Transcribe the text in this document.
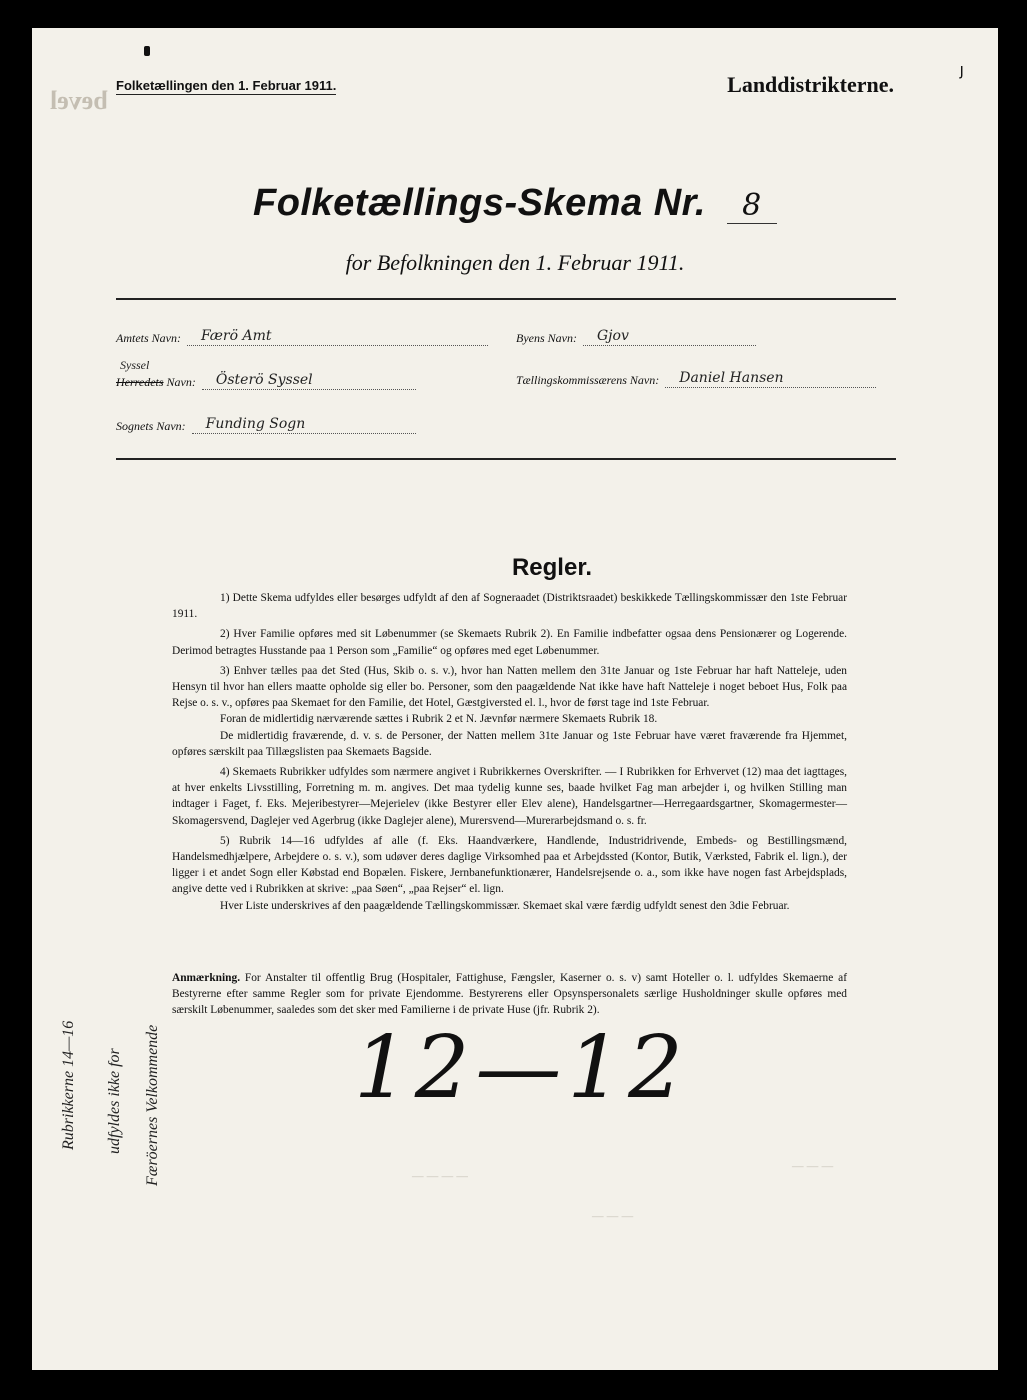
ȷ
bevel
Folketællingen den 1. Februar 1911.	Landdistrikterne.
Folketællings-Skema Nr. 8
for Befolkningen den 1. Februar 1911.
Amtets Navn:	Færö Amt	Byens Navn:	Gjov
Syssel
Herredets Navn:	Österö Syssel	Tællingskommissærens Navn:	Daniel Hansen
Sognets Navn:	Funding Sogn
Regler.

1) Dette Skema udfyldes eller besørges udfyldt af den af Sogneraadet (Distriktsraadet) beskikkede Tællingskommissær den 1ste Februar 1911.

2) Hver Familie opføres med sit Løbenummer (se Skemaets Rubrik 2). En Familie indbefatter ogsaa dens Pensionærer og Logerende. Derimod betragtes Husstande paa 1 Person som „Familie“ og opføres med eget Løbenummer.

3) Enhver tælles paa det Sted (Hus, Skib o. s. v.), hvor han Natten mellem den 31te Januar og 1ste Februar har haft Natteleje, uden Hensyn til hvor han ellers maatte opholde sig eller bo. Personer, som den paagældende Nat ikke have haft Natteleje i noget beboet Hus, Folk paa Rejse o. s. v., opføres paa Skemaet for den Familie, det Hotel, Gæstgiversted el. l., hvor de først tage ind 1ste Februar.

Foran de midlertidig nærværende sættes i Rubrik 2 et N. Jævnfør nærmere Skemaets Rubrik 18.

De midlertidig fraværende, d. v. s. de Personer, der Natten mellem 31te Januar og 1ste Februar have været fraværende fra Hjemmet, opføres særskilt paa Tillægslisten paa Skemaets Bagside.

4) Skemaets Rubrikker udfyldes som nærmere angivet i Rubrikkernes Overskrifter. — I Rubrikken for Erhvervet (12) maa det iagttages, at hver enkelts Livsstilling, Forretning m. m. angives. Det maa tydelig kunne ses, baade hvilket Fag man arbejder i, og hvilken Stilling man indtager i Faget, f. Eks. Mejeribestyrer—Mejerielev (ikke Bestyrer eller Elev alene), Handelsgartner—Herregaardsgartner, Skomagermester—Skomagersvend, Daglejer ved Agerbrug (ikke Daglejer alene), Murersvend—Murerarbejdsmand o. s. fr.

5) Rubrik 14—16 udfyldes af alle (f. Eks. Haandværkere, Handlende, Industridrivende, Embeds- og Bestillingsmænd, Handelsmedhjælpere, Arbejdere o. s. v.), som udøver deres daglige Virksomhed paa et Arbejdssted (Kontor, Butik, Værksted, Fabrik el. lign.), der ligger i et andet Sogn eller Købstad end Bopælen. Fiskere, Jernbanefunktionærer, Handelsrejsende o. a., som ikke have nogen fast Arbejdsplads, angive dette ved i Rubrikken at skrive: „paa Søen“, „paa Rejser“ el. lign.

Hver Liste underskrives af den paagældende Tællingskommissær. Skemaet skal være færdig udfyldt senest den 3die Februar.

Anmærkning. For Anstalter til offentlig Brug (Hospitaler, Fattighuse, Fængsler, Kaserner o. s. v) samt Hoteller o. l. udfyldes Skemaerne af Bestyrerne efter samme Regler som for private Ejendomme. Bestyrerens eller Opsynspersonalets særlige Husholdninger skulle opføres med særskilt Løbenummer, saaledes som det sker med Familierne i de private Huse (jfr. Rubrik 2).

12—12
Rubrikkerne 14—16 udfyldes ikke for Færöernes Velkommende	— — —
— — — —
— — —
